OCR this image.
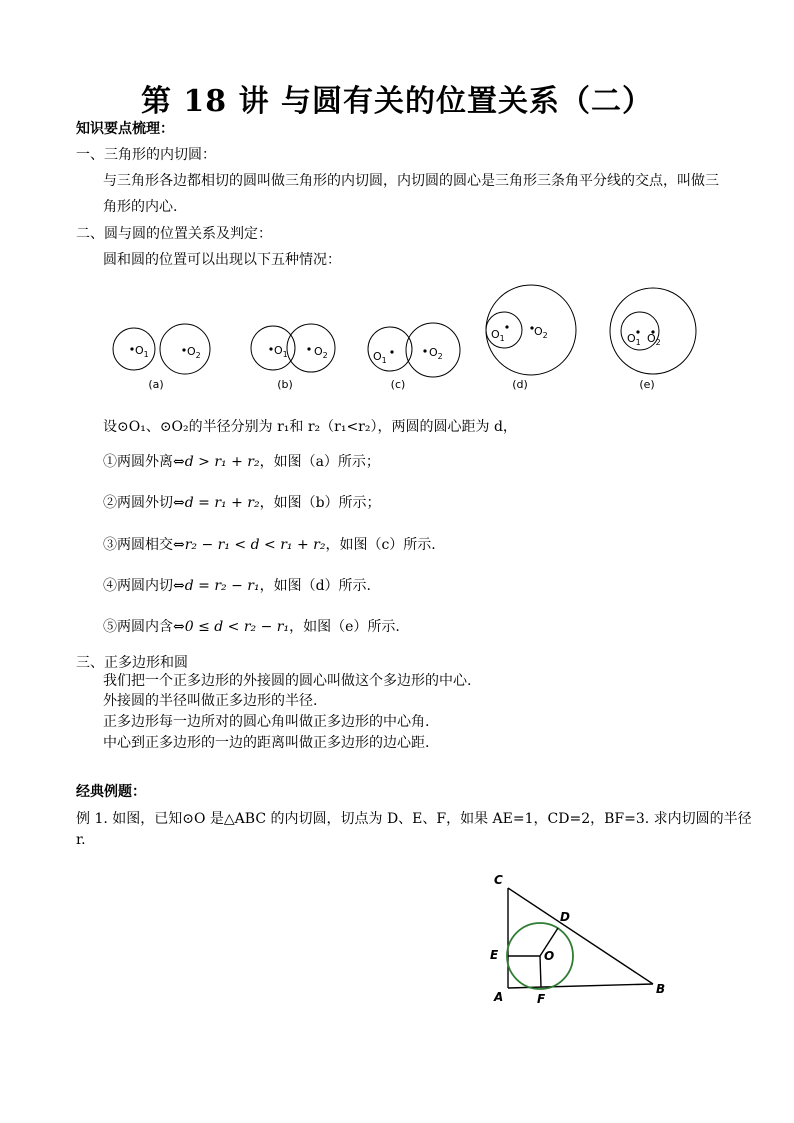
第 18 讲 与圆有关的位置关系（二）
知识要点梳理：
一、三角形的内切圆：
与三角形各边都相切的圆叫做三角形的内切圆，内切圆的圆心是三角形三条角平分线的交点，叫做三
角形的内心.
二、圆与圆的位置关系及判定：
圆和圆的位置可以出现以下五种情况：
$O_1$	$O_2$	$O_1$ $O_2$	$O_1$
$O_2$
$O_1$
$O_2$	$O_1$ $O_2$
(a)	(b)	(c)	(d)	(e)
设⊙O₁、⊙O₂的半径分别为 r₁和 r₂（r₁<r₂），两圆的圆心距为 d，
①两圆外离⇔d > r₁ + r₂，如图（a）所示；
②两圆外切⇔d = r₁ + r₂，如图（b）所示；
③两圆相交⇔r₂ − r₁ < d < r₁ + r₂，如图（c）所示.
④两圆内切⇔d = r₂ − r₁，如图（d）所示.
⑤两圆内含⇔0 ≤ d < r₂ − r₁，如图（e）所示.
三、正多边形和圆
我们把一个正多边形的外接圆的圆心叫做这个多边形的中心.
外接圆的半径叫做正多边形的半径.
正多边形每一边所对的圆心角叫做正多边形的中心角.
中心到正多边形的一边的距离叫做正多边形的边心距.
经典例题：
例 1. 如图，已知⊙O 是△ABC 的内切圆，切点为 D、E、F，如果 AE=1，CD=2，BF=3. 求内切圆的半径
r.
C
D
E	O
A	F
B
